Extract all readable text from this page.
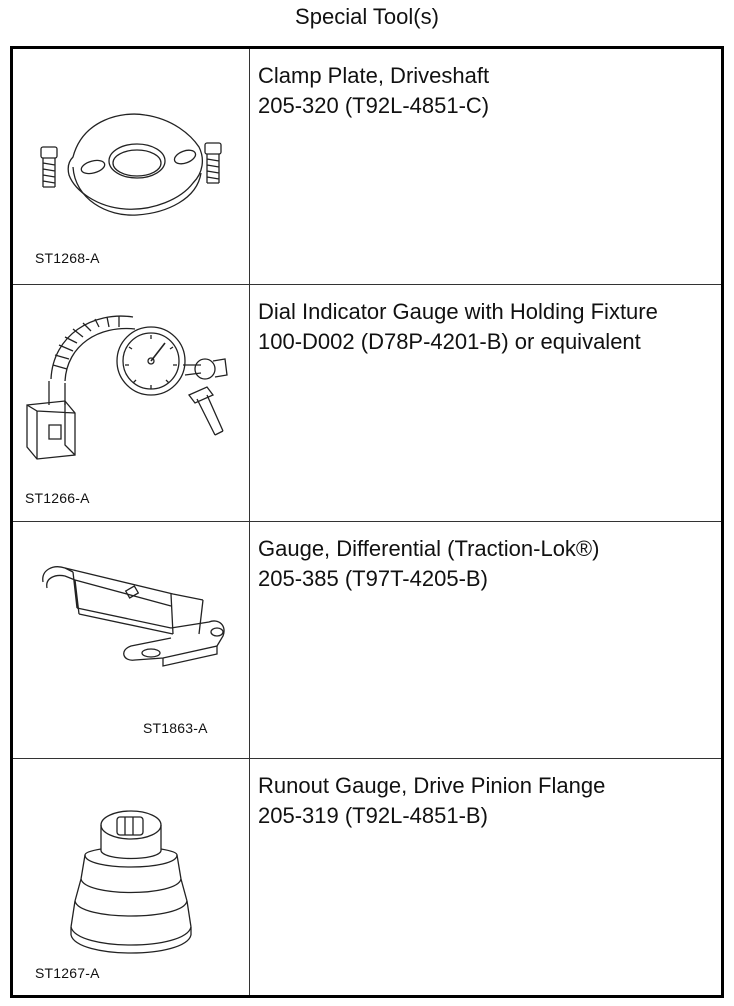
Special Tool(s)
ST1268-A
Clamp Plate, Driveshaft
205-320 (T92L-4851-C)
ST1266-A
Dial Indicator Gauge with Holding Fixture
100-D002 (D78P-4201-B) or equivalent
ST1863-A
Gauge, Differential (Traction-Lok®)
205-385 (T97T-4205-B)
ST1267-A
Runout Gauge, Drive Pinion Flange
205-319 (T92L-4851-B)
